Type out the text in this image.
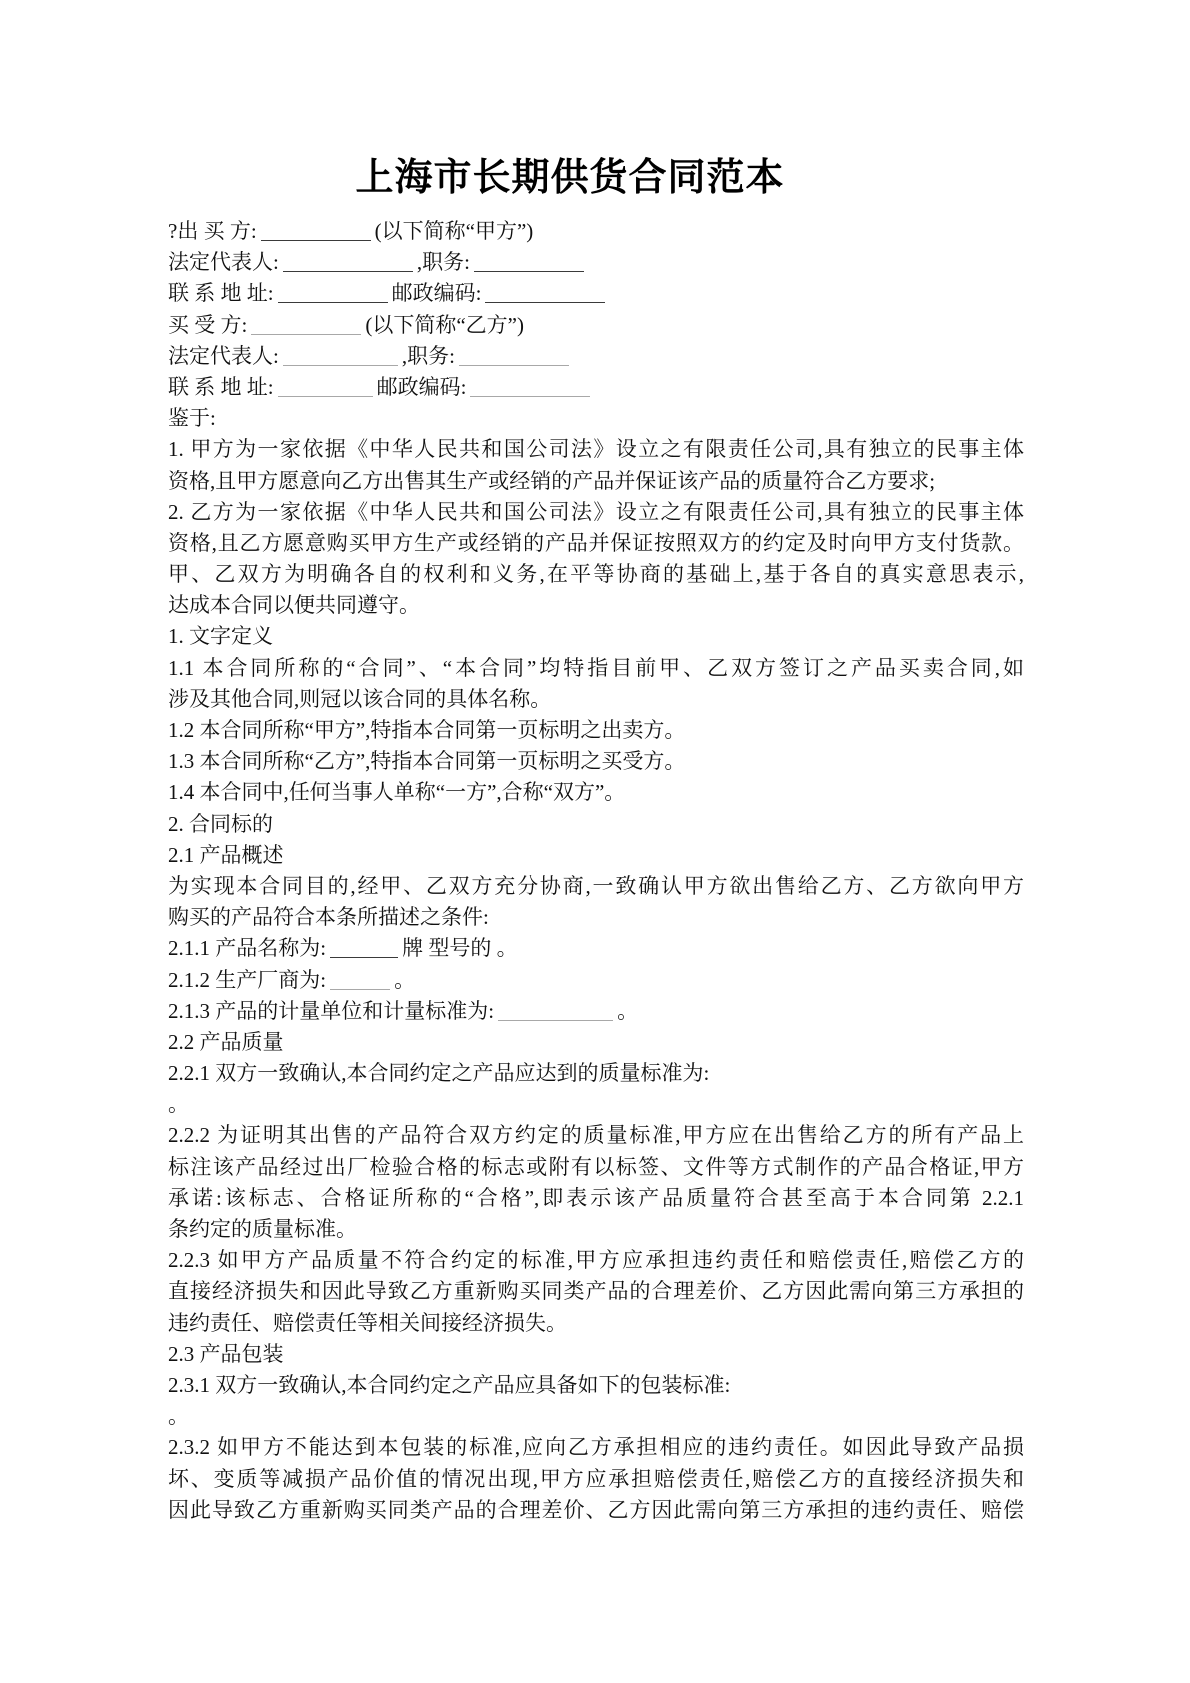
上海市长期供货合同范本
?出 买 方:	(以下简称“甲方”)
法定代表人:	,职务:
联 系 地 址:	邮政编码:
买 受 方:	(以下简称“乙方”)
法定代表人:	,职务:
联 系 地 址:	邮政编码:
鉴于:
1. 甲方为一家依据《中华人民共和国公司法》设立之有限责任公司,具有独立的民事主体
资格,且甲方愿意向乙方出售其生产或经销的产品并保证该产品的质量符合乙方要求;
2. 乙方为一家依据《中华人民共和国公司法》设立之有限责任公司,具有独立的民事主体
资格,且乙方愿意购买甲方生产或经销的产品并保证按照双方的约定及时向甲方支付货款。
甲、乙双方为明确各自的权利和义务,在平等协商的基础上,基于各自的真实意思表示,
达成本合同以便共同遵守。
1. 文字定义
1.1 本合同所称的“合同”、“本合同”均特指目前甲、乙双方签订之产品买卖合同,如
涉及其他合同,则冠以该合同的具体名称。
1.2 本合同所称“甲方”,特指本合同第一页标明之出卖方。
1.3 本合同所称“乙方”,特指本合同第一页标明之买受方。
1.4 本合同中,任何当事人单称“一方”,合称“双方”。
2. 合同标的
2.1 产品概述
为实现本合同目的,经甲、乙双方充分协商,一致确认甲方欲出售给乙方、乙方欲向甲方
购买的产品符合本条所描述之条件:
2.1.1 产品名称为:	牌 型号的 。
2.1.2 生产厂商为:	。
2.1.3 产品的计量单位和计量标准为:	。
2.2 产品质量
2.2.1 双方一致确认,本合同约定之产品应达到的质量标准为:
。
2.2.2 为证明其出售的产品符合双方约定的质量标准,甲方应在出售给乙方的所有产品上
标注该产品经过出厂检验合格的标志或附有以标签、文件等方式制作的产品合格证,甲方
承诺:该标志、合格证所称的“合格”,即表示该产品质量符合甚至高于本合同第 2.2.1
条约定的质量标准。
2.2.3 如甲方产品质量不符合约定的标准,甲方应承担违约责任和赔偿责任,赔偿乙方的
直接经济损失和因此导致乙方重新购买同类产品的合理差价、乙方因此需向第三方承担的
违约责任、赔偿责任等相关间接经济损失。
2.3 产品包装
2.3.1 双方一致确认,本合同约定之产品应具备如下的包装标准:
。
2.3.2 如甲方不能达到本包装的标准,应向乙方承担相应的违约责任。如因此导致产品损
坏、变质等减损产品价值的情况出现,甲方应承担赔偿责任,赔偿乙方的直接经济损失和
因此导致乙方重新购买同类产品的合理差价、乙方因此需向第三方承担的违约责任、赔偿
